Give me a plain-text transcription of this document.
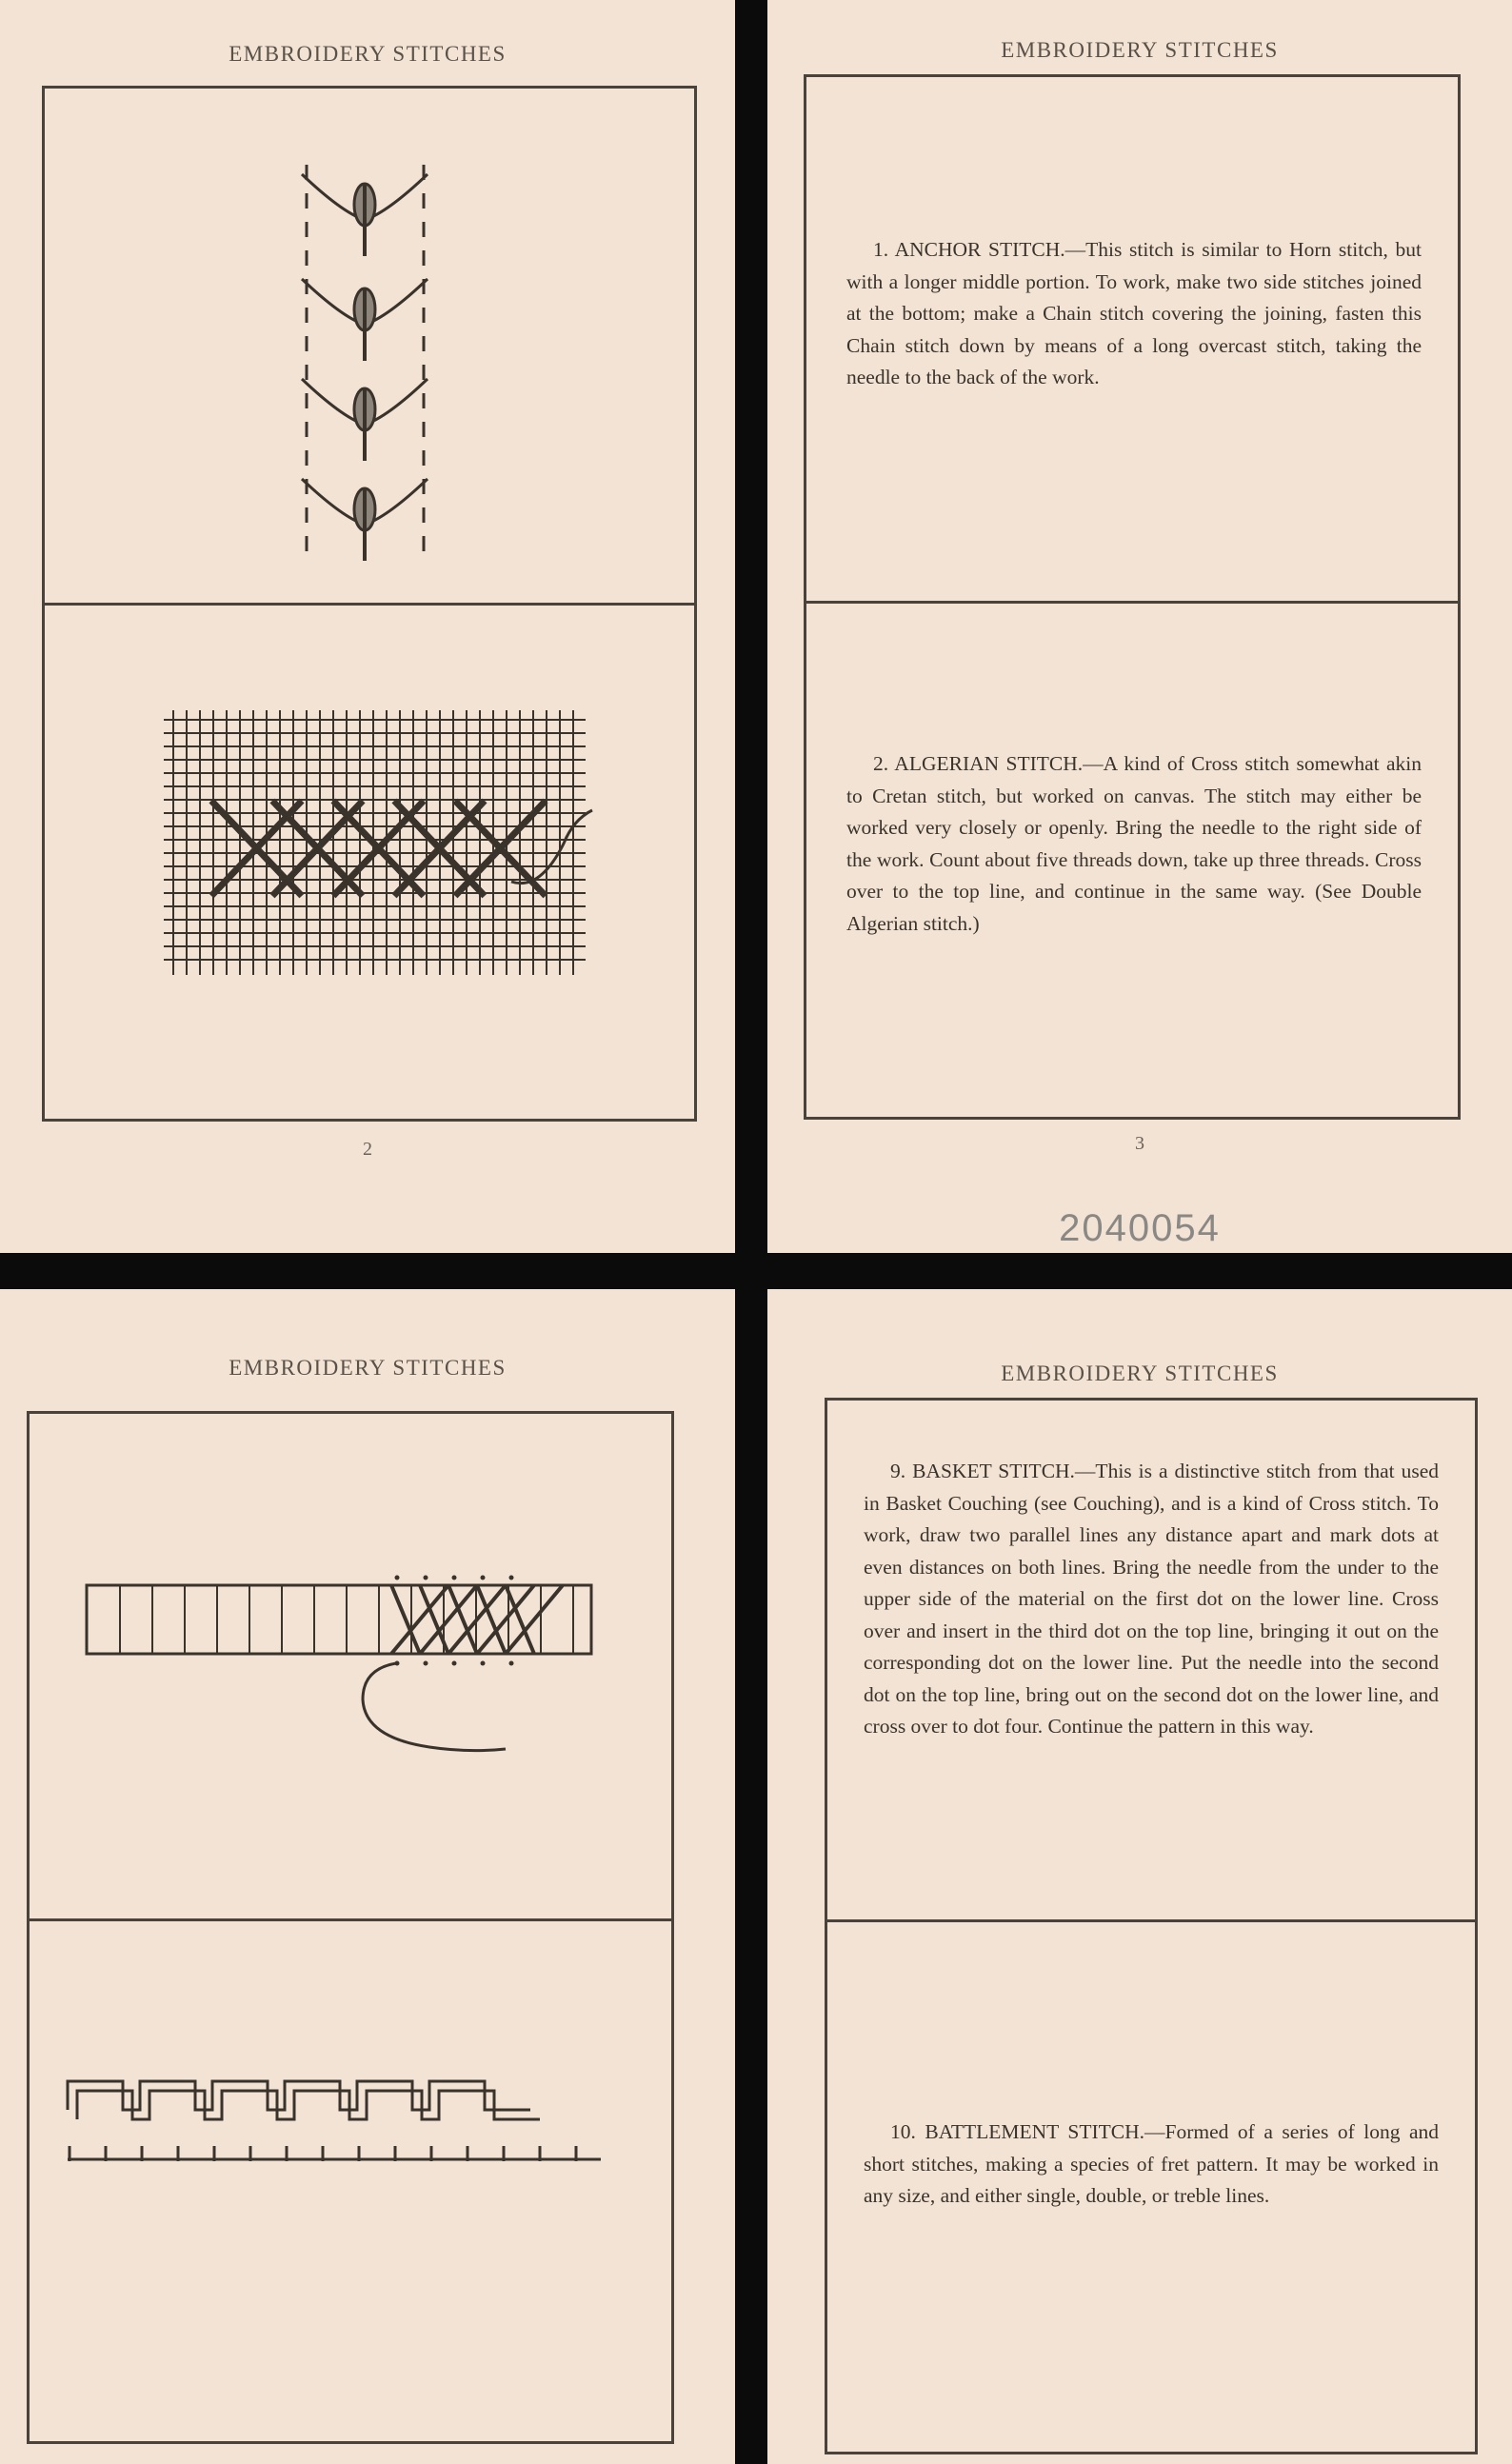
EMBROIDERY STITCHES
2
EMBROIDERY STITCHES
1. ANCHOR STITCH.—This stitch is similar to Horn stitch, but with a longer middle portion. To work, make two side stitches joined at the bottom; make a Chain stitch covering the joining, fasten this Chain stitch down by means of a long overcast stitch, taking the needle to the back of the work.
2. ALGERIAN STITCH.—A kind of Cross stitch somewhat akin to Cretan stitch, but worked on canvas. The stitch may either be worked very closely or openly. Bring the needle to the right side of the work. Count about five threads down, take up three threads. Cross over to the top line, and continue in the same way. (See Double Algerian stitch.)
3
2040054
EMBROIDERY STITCHES	EMBROIDERY STITCHES
9. BASKET STITCH.—This is a distinctive stitch from that used in Basket Couching (see Couching), and is a kind of Cross stitch. To work, draw two parallel lines any distance apart and mark dots at even distances on both lines. Bring the needle from the under to the upper side of the material on the first dot on the lower line. Cross over and insert in the third dot on the top line, bringing it out on the corresponding dot on the lower line. Put the needle into the second dot on the top line, bring out on the second dot on the lower line, and cross over to dot four. Continue the pattern in this way.
10. BATTLEMENT STITCH.—Formed of a series of long and short stitches, making a species of fret pattern. It may be worked in any size, and either single, double, or treble lines.
